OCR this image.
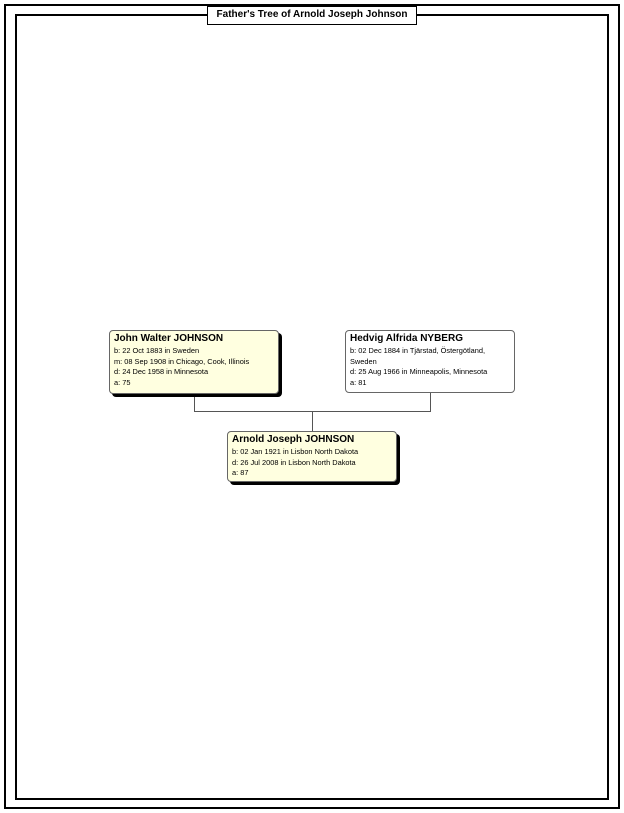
Father's Tree of Arnold Joseph Johnson
John Walter JOHNSON
b: 22 Oct 1883 in Sweden
m: 08 Sep 1908 in Chicago, Cook, Illinois
d: 24 Dec 1958 in Minnesota
a: 75
Hedvig Alfrida NYBERG
b: 02 Dec 1884 in Tjärstad, Östergötland, Sweden
d: 25 Aug 1966 in Minneapolis, Minnesota
a: 81
Arnold Joseph JOHNSON
b: 02 Jan 1921 in Lisbon North Dakota
d: 26 Jul 2008 in Lisbon North Dakota
a: 87
